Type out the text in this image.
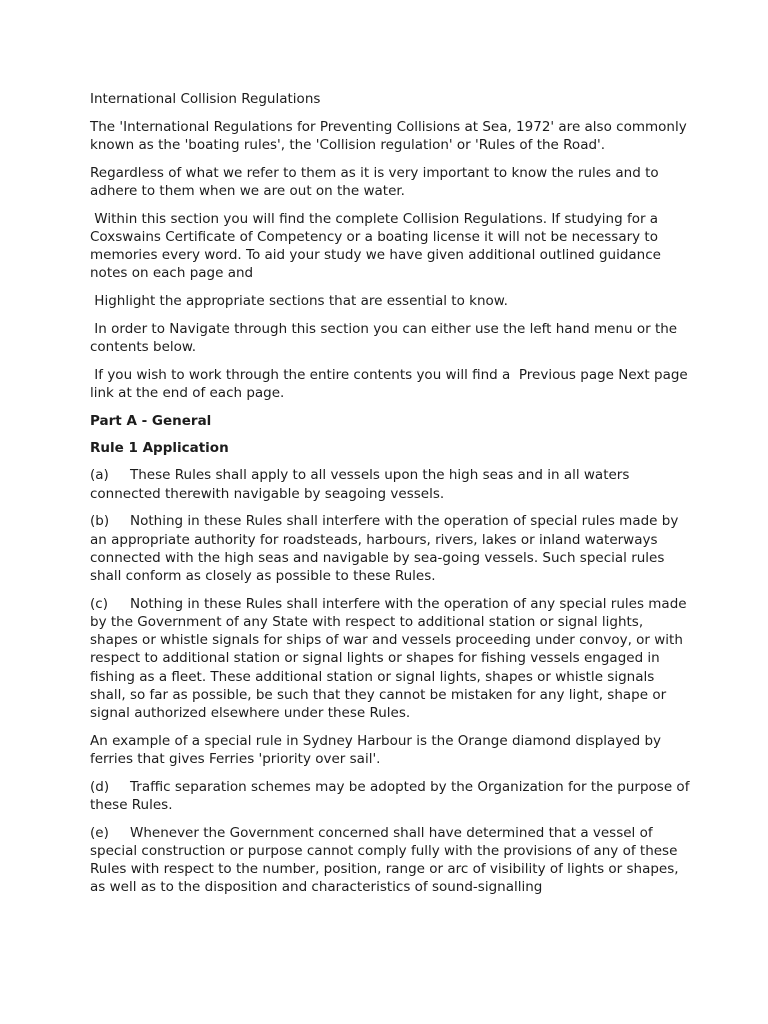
International Collision Regulations

The 'International Regulations for Preventing Collisions at Sea, 1972' are also commonly known as the 'boating rules', the 'Collision regulation' or 'Rules of the Road'.

Regardless of what we refer to them as it is very important to know the rules and to adhere to them when we are out on the water.

Within this section you will find the complete Collision Regulations. If studying for a Coxswains Certificate of Competency or a boating license it will not be necessary to memories every word. To aid your study we have given additional outlined guidance notes on each page and

Highlight the appropriate sections that are essential to know.

In order to Navigate through this section you can either use the left hand menu or the contents below.

If you wish to work through the entire contents you will find a  Previous page Next page  link at the end of each page.

Part A - General

Rule 1 Application

(a) These Rules shall apply to all vessels upon the high seas and in all waters connected therewith navigable by seagoing vessels.

(b) Nothing in these Rules shall interfere with the operation of special rules made by an appropriate authority for roadsteads, harbours, rivers, lakes or inland waterways connected with the high seas and navigable by sea-going vessels. Such special rules shall conform as closely as possible to these Rules.

(c) Nothing in these Rules shall interfere with the operation of any special rules made by the Government of any State with respect to additional station or signal lights, shapes or whistle signals for ships of war and vessels proceeding under convoy, or with respect to additional station or signal lights or shapes for fishing vessels engaged in fishing as a fleet. These additional station or signal lights, shapes or whistle signals shall, so far as possible, be such that they cannot be mistaken for any light, shape or signal authorized elsewhere under these Rules.

An example of a special rule in Sydney Harbour is the Orange diamond displayed by ferries that gives Ferries 'priority over sail'.

(d) Traffic separation schemes may be adopted by the Organization for the purpose of these Rules.

(e) Whenever the Government concerned shall have determined that a vessel of special construction or purpose cannot comply fully with the provisions of any of these Rules with respect to the number, position, range or arc of visibility of lights or shapes, as well as to the disposition and characteristics of sound-signalling
